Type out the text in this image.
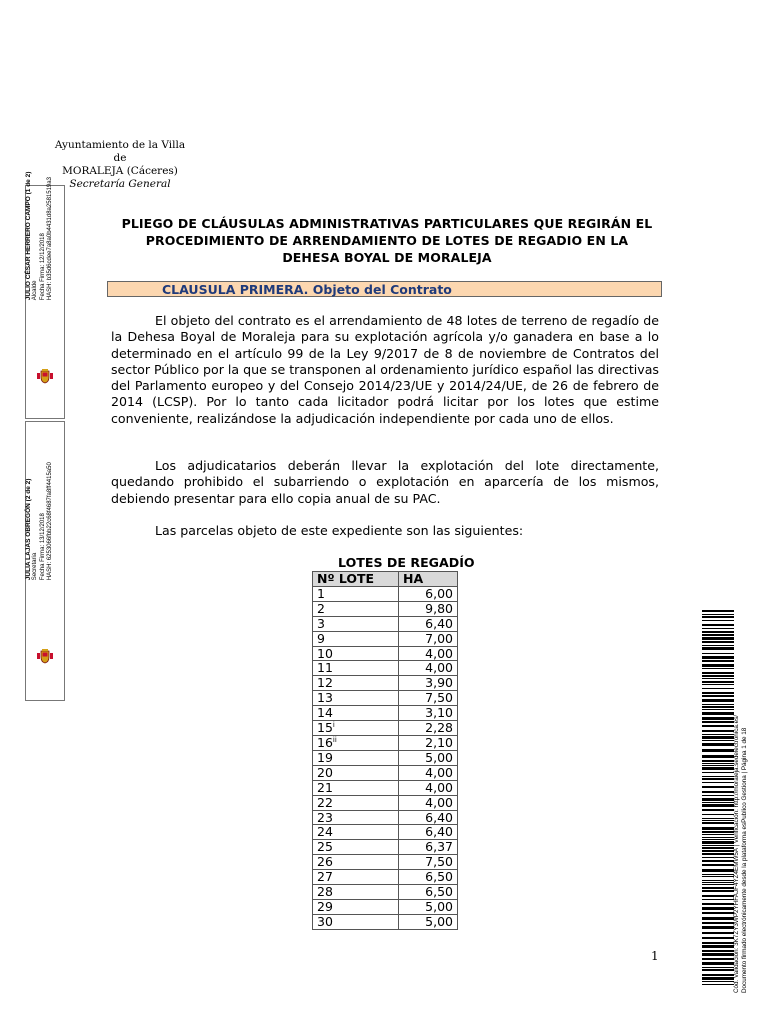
Ayuntamiento de la Villa de
MORALEJA (Cáceres)
Secretaría General
JULIO CÉSAR HERRERO CAMPO (1 de 2) Alcalde Fecha Firma: 12/12/2018 HASH: b35d6cdee7a8a0b4431d8a2581519a3
JULIA LAJAS OBREGÓN (2 de 2) Secretaria Fecha Firma: 13/12/2018 HASH: 6253066fbb22c68f4687fa8ff4415a50
PLIEGO DE CLÁUSULAS ADMINISTRATIVAS PARTICULARES QUE REGIRÁN EL
PROCEDIMIENTO DE ARRENDAMIENTO DE LOTES DE REGADIO EN LA
DEHESA BOYAL DE MORALEJA
CLAUSULA PRIMERA. Objeto del Contrato
El objeto del contrato es el arrendamiento de 48 lotes de terreno de regadío de la Dehesa Boyal de Moraleja para su explotación agrícola y/o ganadera en base a lo determinado en el artículo 99 de la Ley 9/2017 de 8 de noviembre de Contratos del sector Público por la que se transponen al ordenamiento jurídico español las directivas del Parlamento europeo y del Consejo 2014/23/UE y 2014/24/UE, de 26 de febrero de 2014 (LCSP). Por lo tanto cada licitador podrá licitar por los lotes que estime conveniente, realizándose la adjudicación independiente por cada uno de ellos.
Los adjudicatarios deberán llevar la explotación del lote directamente, quedando prohibido el subarriendo o explotación en aparcería de los mismos, debiendo presentar para ello copia anual de su PAC.
Las parcelas objeto de este expediente son las siguientes:
LOTES DE REGADÍO
Nº LOTE	HA
1	6,00
2	9,80
3	6,40
9	7,00
10	4,00
11	4,00
12	3,90
13	7,50
14	3,10
15$^i$	2,28
16$^{ii}$	2,10
19	5,00
20	4,00
21	4,00
22	4,00
23	6,40
24	6,40
25	6,37
26	7,50
27	6,50
28	6,50
29	5,00
30	5,00
1	Cód. Validación: 3K7ZY3WP2YHFAJF4YZ4EMW5A | Verificación: http://moraleja.sedelectronica.es/ Documento firmado electrónicamente desde la plataforma esPublico Gestiona | Página 1 de 18
